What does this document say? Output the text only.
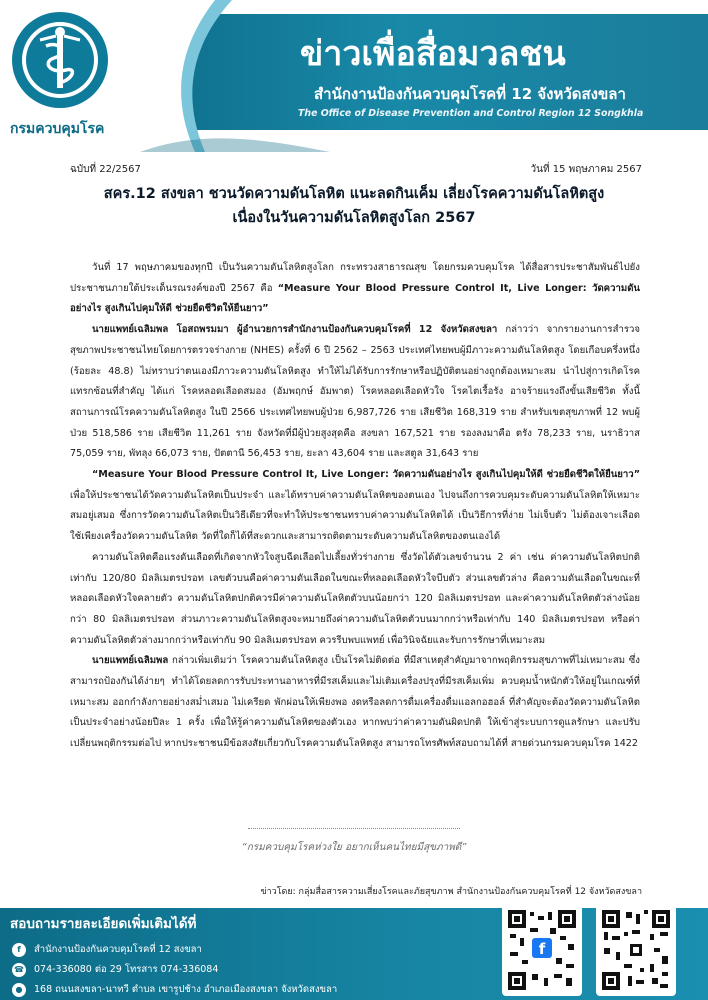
กรมควบคุมโรค
ข่าวเพื่อสื่อมวลชน
สำนักงานป้องกันควบคุมโรคที่ 12 จังหวัดสงขลา
The Office of Disease Prevention and Control Region 12 Songkhla
ฉบับที่ 22/2567	วันที่ 15 พฤษภาคม 2567
สคร.12 สงขลา ชวนวัดความดันโลหิต แนะลดกินเค็ม เลี่ยงโรคความดันโลหิตสูง
เนื่องในวันความดันโลหิตสูงโลก 2567

วันที่ 17 พฤษภาคมของทุกปี เป็นวันความดันโลหิตสูงโลก กระทรวงสาธารณสุข โดยกรมควบคุมโรค ได้สื่อสารประชาสัมพันธ์ไปยังประชาชนภายใต้ประเด็นรณรงค์ของปี 2567 คือ “Measure Your Blood Pressure Control It, Live Longer: วัดความดันอย่างไร สูงเกินไปคุมให้ดี ช่วยยืดชีวิตให้ยืนยาว”

นายแพทย์เฉลิมพล โอสถพรมมา ผู้อำนวยการสำนักงานป้องกันควบคุมโรคที่ 12 จังหวัดสงขลา กล่าวว่า จากรายงานการสำรวจสุขภาพประชาชนไทยโดยการตรวจร่างกาย (NHES) ครั้งที่ 6 ปี 2562 – 2563 ประเทศไทยพบผู้มีภาวะความดันโลหิตสูง โดยเกือบครึ่งหนึ่ง (ร้อยละ 48.8) ไม่ทราบว่าตนเองมีภาวะความดันโลหิตสูง ทำให้ไม่ได้รับการรักษาหรือปฏิบัติตนอย่างถูกต้องเหมาะสม นำไปสู่การเกิดโรคแทรกซ้อนที่สำคัญ ได้แก่ โรคหลอดเลือดสมอง (อัมพฤกษ์ อัมพาต) โรคหลอดเลือดหัวใจ โรคไตเรื้อรัง อาจร้ายแรงถึงขั้นเสียชีวิต ทั้งนี้ สถานการณ์โรคความดันโลหิตสูง ในปี 2566 ประเทศไทยพบผู้ป่วย 6,987,726 ราย เสียชีวิต 168,319 ราย สำหรับเขตสุขภาพที่ 12 พบผู้ป่วย 518,586 ราย เสียชีวิต 11,261 ราย จังหวัดที่มีผู้ป่วยสูงสุดคือ สงขลา 167,521 ราย รองลงมาคือ ตรัง 78,233 ราย, นราธิวาส 75,059 ราย, พัทลุง 66,073 ราย, ปัตตานี 56,453 ราย, ยะลา 43,604 ราย และสตูล 31,643 ราย

“Measure Your Blood Pressure Control It, Live Longer: วัดความดันอย่างไร สูงเกินไปคุมให้ดี ช่วยยืดชีวิตให้ยืนยาว” เพื่อให้ประชาชนได้วัดความดันโลหิตเป็นประจำ และได้ทราบค่าความดันโลหิตของตนเอง ไปจนถึงการควบคุมระดับความดันโลหิตให้เหมาะสมอยู่เสมอ ซึ่งการวัดความดันโลหิตเป็นวิธีเดียวที่จะทำให้ประชาชนทราบค่าความดันโลหิตได้ เป็นวิธีการที่ง่าย ไม่เจ็บตัว ไม่ต้องเจาะเลือด ใช้เพียงเครื่องวัดความดันโลหิต วัดที่ใดก็ได้ที่สะดวกและสามารถติดตามระดับความดันโลหิตของตนเองได้

ความดันโลหิตคือแรงดันเลือดที่เกิดจากหัวใจสูบฉีดเลือดไปเลี้ยงทั่วร่างกาย ซึ่งวัดได้ตัวเลขจำนวน 2 ค่า เช่น ค่าความดันโลหิตปกติเท่ากับ 120/80 มิลลิเมตรปรอท เลขตัวบนคือค่าความดันเลือดในขณะที่หลอดเลือดหัวใจบีบตัว ส่วนเลขตัวล่าง คือความดันเลือดในขณะที่หลอดเลือดหัวใจคลายตัว ความดันโลหิตปกติควรมีค่าความดันโลหิตตัวบนน้อยกว่า 120 มิลลิเมตรปรอท และค่าความดันโลหิตตัวล่างน้อยกว่า 80 มิลลิเมตรปรอท ส่วนภาวะความดันโลหิตสูงจะหมายถึงค่าความดันโลหิตตัวบนมากกว่าหรือเท่ากับ 140 มิลลิเมตรปรอท หรือค่าความดันโลหิตตัวล่างมากกว่าหรือเท่ากับ 90 มิลลิเมตรปรอท ควรรีบพบแพทย์ เพื่อวินิจฉัยและรับการรักษาที่เหมาะสม

นายแพทย์เฉลิมพล กล่าวเพิ่มเติมว่า โรคความดันโลหิตสูง เป็นโรคไม่ติดต่อ ที่มีสาเหตุสำคัญมาจากพฤติกรรมสุขภาพที่ไม่เหมาะสม ซึ่งสามารถป้องกันได้ง่ายๆ ทำได้โดยลดการรับประทานอาหารที่มีรสเค็มและไม่เติมเครื่องปรุงที่มีรสเค็มเพิ่ม ควบคุมน้ำหนักตัวให้อยู่ในเกณฑ์ที่เหมาะสม ออกกำลังกายอย่างสม่ำเสมอ ไม่เครียด พักผ่อนให้เพียงพอ งดหรือลดการดื่มเครื่องดื่มแอลกอฮอล์ ที่สำคัญจะต้องวัดความดันโลหิตเป็นประจำอย่างน้อยปีละ 1 ครั้ง เพื่อให้รู้ค่าความดันโลหิตของตัวเอง หากพบว่าค่าความดันผิดปกติ ให้เข้าสู่ระบบการดูแลรักษา และปรับเปลี่ยนพฤติกรรมต่อไป หากประชาชนมีข้อสงสัยเกี่ยวกับโรคความดันโลหิตสูง สามารถโทรศัพท์สอบถามได้ที่ สายด่วนกรมควบคุมโรค 1422

“กรมควบคุมโรคห่วงใย อยากเห็นคนไทยมีสุขภาพดี”
ข่าวโดย: กลุ่มสื่อสารความเสี่ยงโรคและภัยสุขภาพ สำนักงานป้องกันควบคุมโรคที่ 12 จังหวัดสงขลา
สอบถามรายละเอียดเพิ่มเติมได้ที่
f	สำนักงานป้องกันควบคุมโรคที่ 12 สงขลา
☎ 074-336080 ต่อ 29 โทรสาร 074-336084
●	168 ถนนสงขลา-นาทวี ตำบล เขารูปช้าง อำเภอเมืองสงขลา จังหวัดสงขลา
f
